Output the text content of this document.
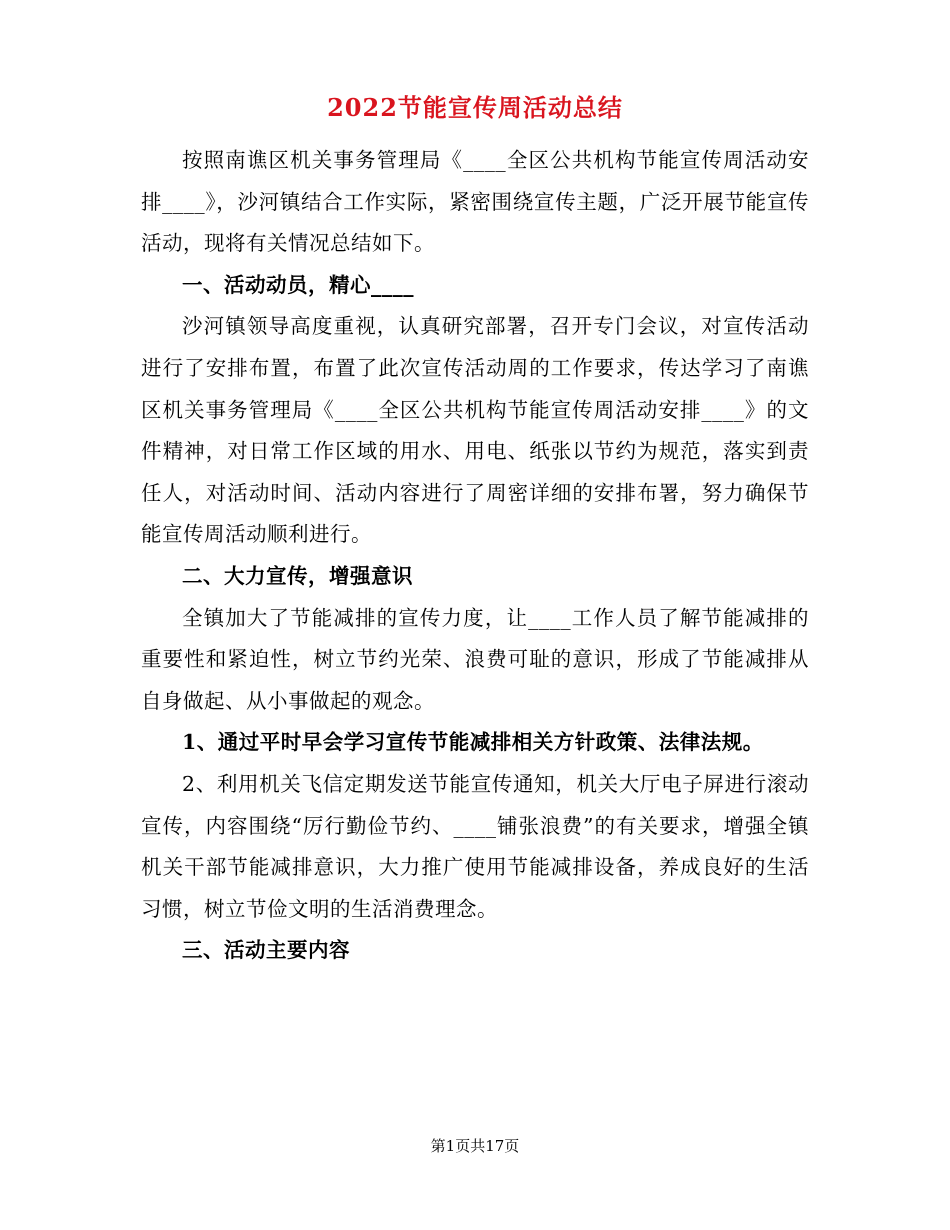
2022节能宣传周活动总结

按照南谯区机关事务管理局《____全区公共机构节能宣传周活动安排____》，沙河镇结合工作实际，紧密围绕宣传主题，广泛开展节能宣传活动，现将有关情况总结如下。

一、活动动员，精心____

沙河镇领导高度重视，认真研究部署，召开专门会议，对宣传活动进行了安排布置，布置了此次宣传活动周的工作要求，传达学习了南谯区机关事务管理局《____全区公共机构节能宣传周活动安排____》的文件精神，对日常工作区域的用水、用电、纸张以节约为规范，落实到责任人，对活动时间、活动内容进行了周密详细的安排布署，努力确保节能宣传周活动顺利进行。

二、大力宣传，增强意识

全镇加大了节能减排的宣传力度，让____工作人员了解节能减排的重要性和紧迫性，树立节约光荣、浪费可耻的意识，形成了节能减排从自身做起、从小事做起的观念。

1、通过平时早会学习宣传节能减排相关方针政策、法律法规。

2、利用机关飞信定期发送节能宣传通知，机关大厅电子屏进行滚动宣传，内容围绕“厉行勤俭节约、____铺张浪费”的有关要求，增强全镇机关干部节能减排意识，大力推广使用节能减排设备，养成良好的生活习惯，树立节俭文明的生活消费理念。

三、活动主要内容

第1页共17页
